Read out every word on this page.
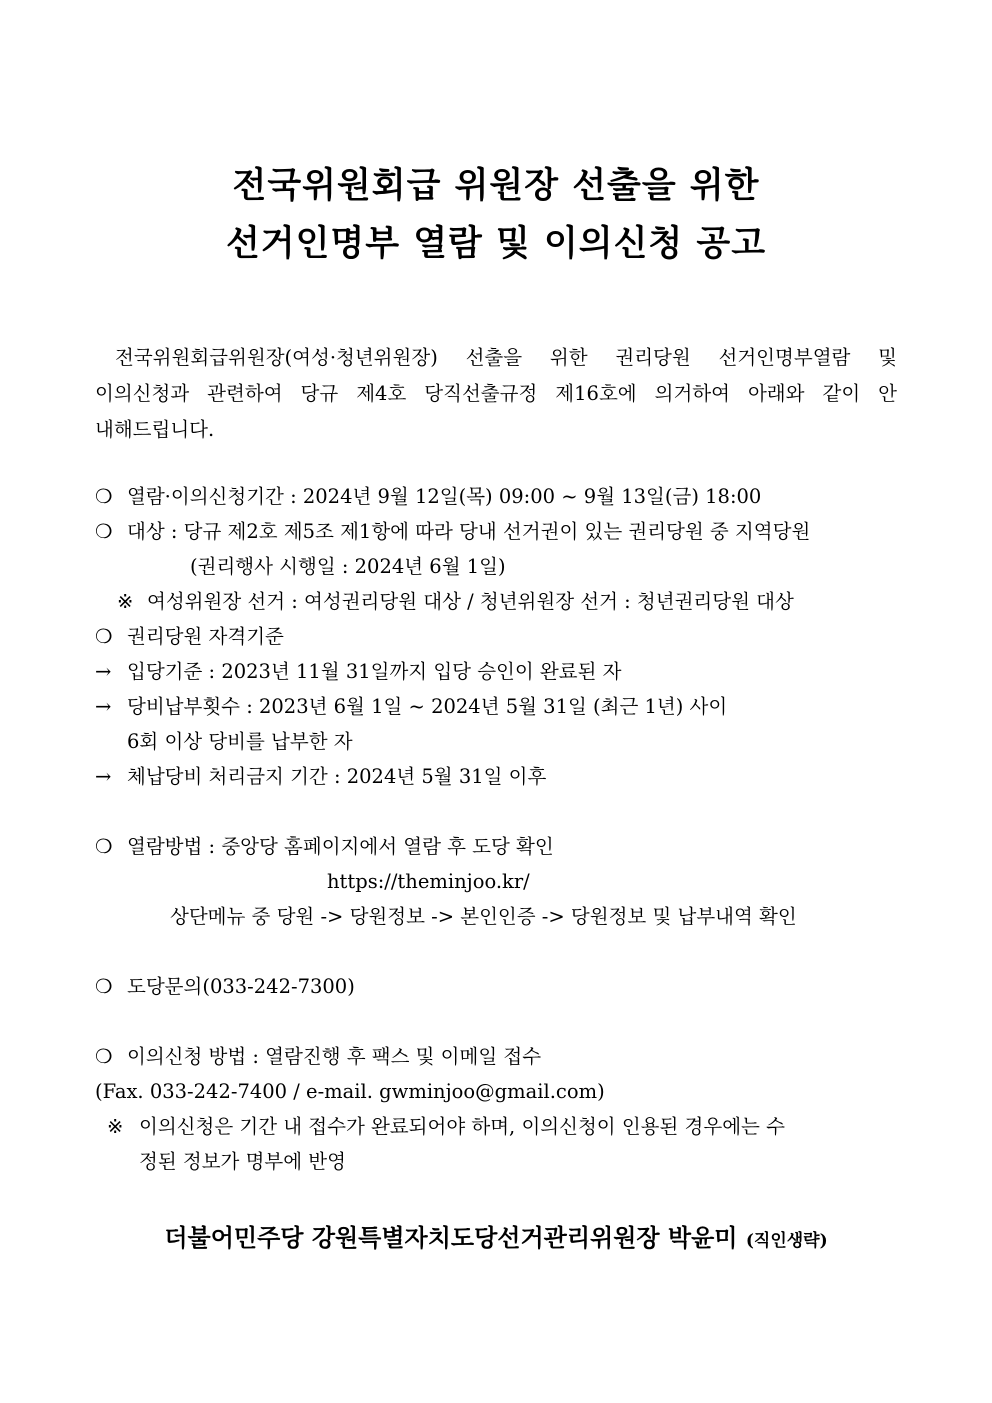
전국위원회급 위원장 선출을 위한
선거인명부 열람 및 이의신청 공고
전국위원회급위원장(여성·청년위원장) 선출을 위한 권리당원 선거인명부열람 및
이의신청과 관련하여 당규 제4호 당직선출규정 제16호에 의거하여 아래와 같이 안
내해드립니다.
❍ 열람·이의신청기간 : 2024년 9월 12일(목) 09:00 ~ 9월 13일(금) 18:00
❍ 대상 : 당규 제2호 제5조 제1항에 따라 당내 선거권이 있는 권리당원 중 지역당원
(권리행사 시행일 : 2024년 6월 1일)
※ 여성위원장 선거 : 여성권리당원 대상 / 청년위원장 선거 : 청년권리당원 대상
❍ 권리당원 자격기준
→ 입당기준 : 2023년 11월 31일까지 입당 승인이 완료된 자
→ 당비납부횟수 : 2023년 6월 1일 ~ 2024년 5월 31일 (최근 1년) 사이
6회 이상 당비를 납부한 자
→ 체납당비 처리금지 기간 : 2024년 5월 31일 이후
❍ 열람방법 : 중앙당 홈페이지에서 열람 후 도당 확인
https://theminjoo.kr/
상단메뉴 중 당원 -> 당원정보 -> 본인인증 -> 당원정보 및 납부내역 확인
❍ 도당문의(033-242-7300)
❍ 이의신청 방법 : 열람진행 후 팩스 및 이메일 접수
(Fax. 033-242-7400 / e-mail. gwminjoo@gmail.com)
※ 이의신청은 기간 내 접수가 완료되어야 하며, 이의신청이 인용된 경우에는 수
정된 정보가 명부에 반영
더불어민주당 강원특별자치도당선거관리위원장 박윤미 (직인생략)
